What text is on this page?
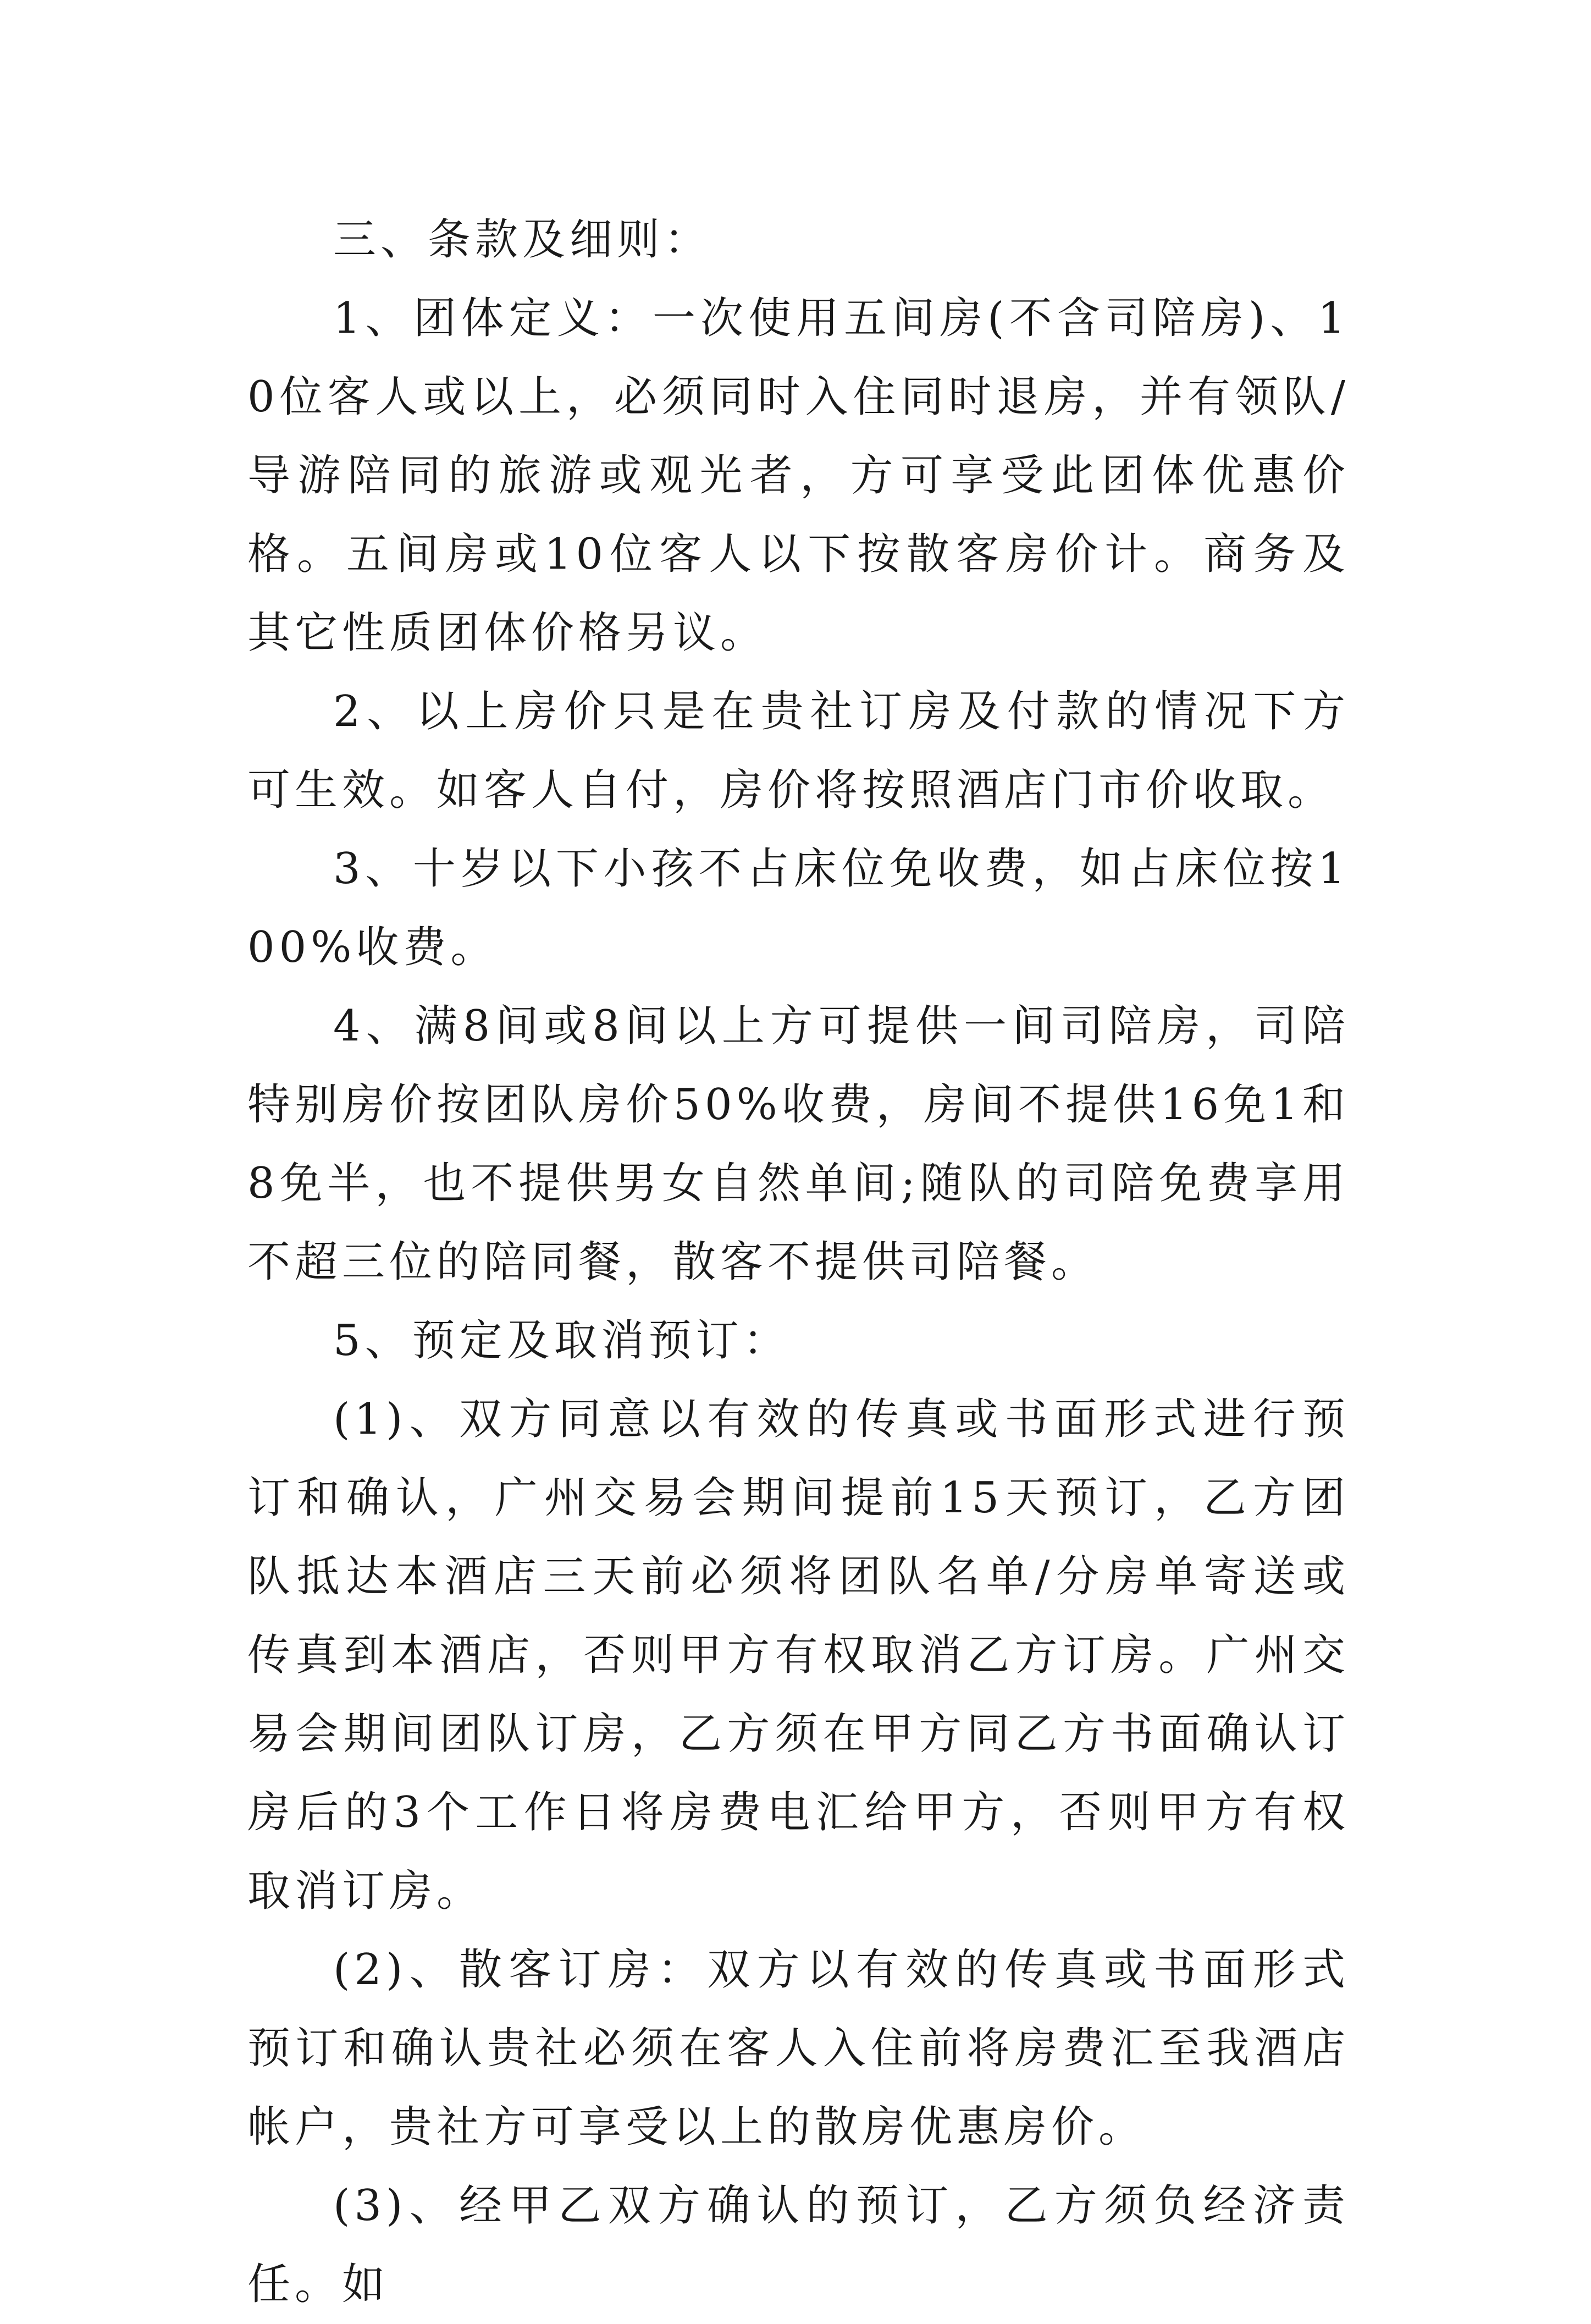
三、条款及细则：

1、团体定义：一次使用五间房(不含司陪房)、10位客人或以上，必须同时入住同时退房，并有领队/导游陪同的旅游或观光者，方可享受此团体优惠价格。五间房或10位客人以下按散客房价计。商务及其它性质团体价格另议。

2、以上房价只是在贵社订房及付款的情况下方可生效。如客人自付，房价将按照酒店门市价收取。

3、十岁以下小孩不占床位免收费，如占床位按100%收费。

4、满8间或8间以上方可提供一间司陪房，司陪特别房价按团队房价50%收费，房间不提供16免1和8免半，也不提供男女自然单间;随队的司陪免费享用不超三位的陪同餐，散客不提供司陪餐。

5、预定及取消预订：

(1)、双方同意以有效的传真或书面形式进行预订和确认，广州交易会期间提前15天预订，乙方团队抵达本酒店三天前必须将团队名单/分房单寄送或传真到本酒店，否则甲方有权取消乙方订房。广州交易会期间团队订房，乙方须在甲方同乙方书面确认订房后的3个工作日将房费电汇给甲方，否则甲方有权取消订房。

(2)、散客订房：双方以有效的传真或书面形式预订和确认贵社必须在客人入住前将房费汇至我酒店帐户，贵社方可享受以上的散房优惠房价。

(3)、经甲乙双方确认的预订，乙方须负经济责任。如
